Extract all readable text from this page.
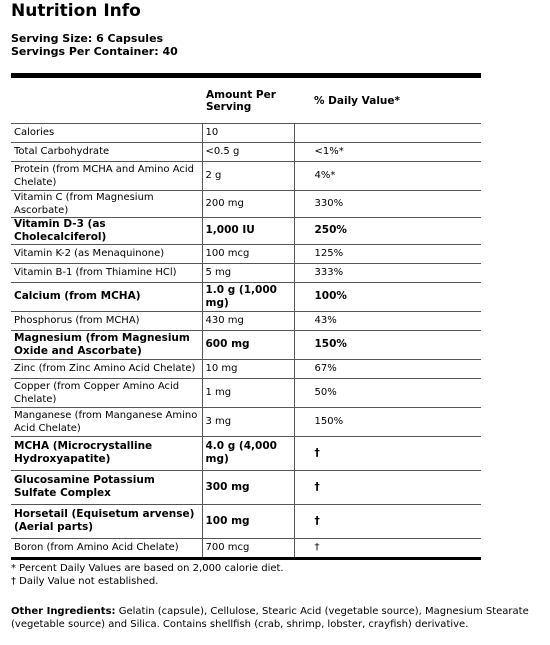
Nutrition Info
Serving Size: 6 Capsules
Servings Per Container: 40
	Amount Per Serving	% Daily Value*
Calories	10	
Total Carbohydrate	<0.5 g	<1%*
Protein (from MCHA and Amino Acid Chelate)	2 g	4%*
Vitamin C (from Magnesium Ascorbate)	200 mg	330%
Vitamin D-3 (as Cholecalciferol)	1,000 IU	250%
Vitamin K-2 (as Menaquinone)	100 mcg	125%
Vitamin B-1 (from Thiamine HCl)	5 mg	333%
Calcium (from MCHA)	1.0 g (1,000 mg)	100%
Phosphorus (from MCHA)	430 mg	43%
Magnesium (from Magnesium Oxide and Ascorbate)	600 mg	150%
Zinc (from Zinc Amino Acid Chelate)	10 mg	67%
Copper (from Copper Amino Acid Chelate)	1 mg	50%
Manganese (from Manganese Amino Acid Chelate)	3 mg	150%
MCHA (Microcrystalline Hydroxyapatite)	4.0 g (4,000 mg)	†
Glucosamine Potassium Sulfate Complex	300 mg	†
Horsetail (Equisetum arvense) (Aerial parts)	100 mg	†
Boron (from Amino Acid Chelate)	700 mcg	†
* Percent Daily Values are based on 2,000 calorie diet.
† Daily Value not established.
Other Ingredients: Gelatin (capsule), Cellulose, Stearic Acid (vegetable source), Magnesium Stearate (vegetable source) and Silica. Contains shellfish (crab, shrimp, lobster, crayfish) derivative.
